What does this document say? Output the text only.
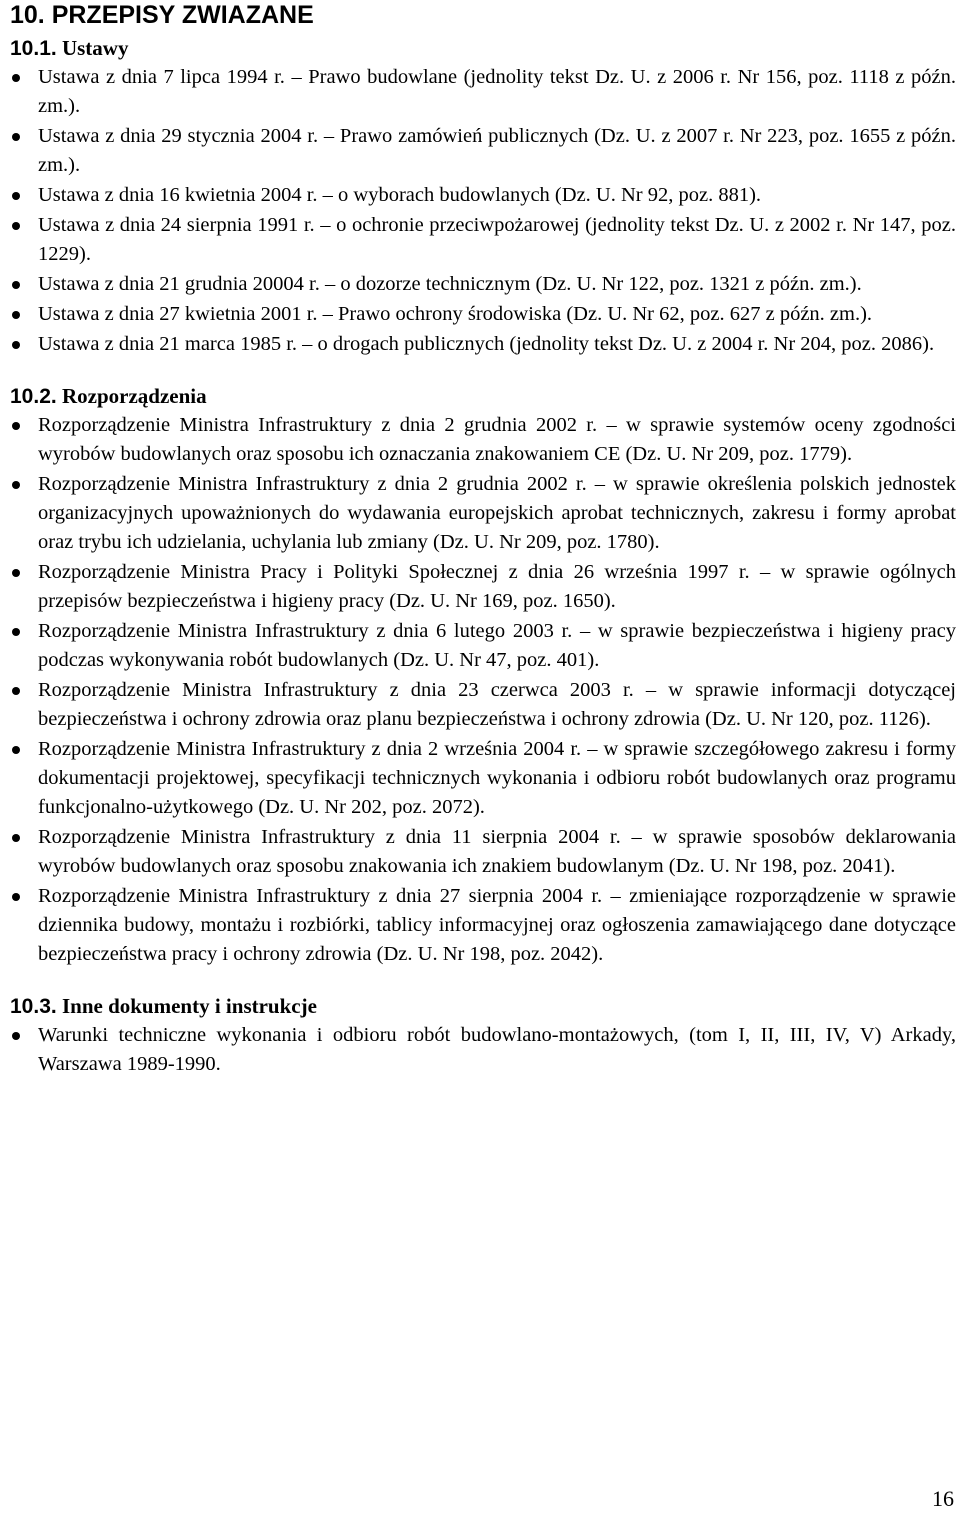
10. PRZEPISY ZWIAZANE
10.1. Ustawy
Ustawa z dnia 7 lipca 1994 r. – Prawo budowlane (jednolity tekst Dz. U. z 2006 r. Nr 156, poz. 1118 z późn. zm.).
Ustawa z dnia 29 stycznia 2004 r. – Prawo zamówień publicznych (Dz. U. z 2007 r. Nr 223, poz. 1655 z późn. zm.).
Ustawa z dnia 16 kwietnia 2004 r. – o wyborach budowlanych (Dz. U. Nr 92, poz. 881).
Ustawa z dnia 24 sierpnia 1991 r. – o ochronie przeciwpożarowej (jednolity tekst Dz. U. z 2002 r. Nr 147, poz. 1229).
Ustawa z dnia 21 grudnia 20004 r. – o dozorze technicznym (Dz. U. Nr 122, poz. 1321 z późn. zm.).
Ustawa z dnia 27 kwietnia 2001 r. – Prawo ochrony środowiska (Dz. U. Nr 62, poz. 627 z późn. zm.).
Ustawa z dnia 21 marca 1985 r. – o drogach publicznych (jednolity tekst Dz. U. z 2004 r. Nr 204, poz. 2086).
10.2. Rozporządzenia
Rozporządzenie Ministra Infrastruktury z dnia 2 grudnia 2002 r. – w sprawie systemów oceny zgodności wyrobów budowlanych oraz sposobu ich oznaczania znakowaniem CE (Dz. U. Nr 209, poz. 1779).
Rozporządzenie Ministra Infrastruktury z dnia 2 grudnia 2002 r. – w sprawie określenia polskich jednostek organizacyjnych upoważnionych do wydawania europejskich aprobat technicznych, zakresu i formy aprobat oraz trybu ich udzielania, uchylania lub zmiany (Dz. U. Nr 209, poz. 1780).
Rozporządzenie Ministra Pracy i Polityki Społecznej z dnia 26 września 1997 r. – w sprawie ogólnych przepisów bezpieczeństwa i higieny pracy (Dz. U. Nr 169, poz. 1650).
Rozporządzenie Ministra Infrastruktury z dnia 6 lutego 2003 r. – w sprawie bezpieczeństwa i higieny pracy podczas wykonywania robót budowlanych (Dz. U. Nr 47, poz. 401).
Rozporządzenie Ministra Infrastruktury z dnia 23 czerwca 2003 r. – w sprawie informacji dotyczącej bezpieczeństwa i ochrony zdrowia oraz planu bezpieczeństwa i ochrony zdrowia (Dz. U. Nr 120, poz. 1126).
Rozporządzenie Ministra Infrastruktury z dnia 2 września 2004 r. – w sprawie szczegółowego zakresu i formy dokumentacji projektowej, specyfikacji technicznych wykonania i odbioru robót budowlanych oraz programu funkcjonalno-użytkowego (Dz. U. Nr 202, poz. 2072).
Rozporządzenie Ministra Infrastruktury z dnia 11 sierpnia 2004 r. – w sprawie sposobów deklarowania wyrobów budowlanych oraz sposobu znakowania ich znakiem budowlanym (Dz. U. Nr 198, poz. 2041).
Rozporządzenie Ministra Infrastruktury z dnia 27 sierpnia 2004 r. – zmieniające rozporządzenie w sprawie dziennika budowy, montażu i rozbiórki, tablicy informacyjnej oraz ogłoszenia zamawiającego dane dotyczące bezpieczeństwa pracy i ochrony zdrowia (Dz. U. Nr 198, poz. 2042).
10.3. Inne dokumenty i instrukcje
Warunki techniczne wykonania i odbioru robót budowlano-montażowych, (tom I, II, III, IV, V) Arkady, Warszawa 1989-1990.
16
